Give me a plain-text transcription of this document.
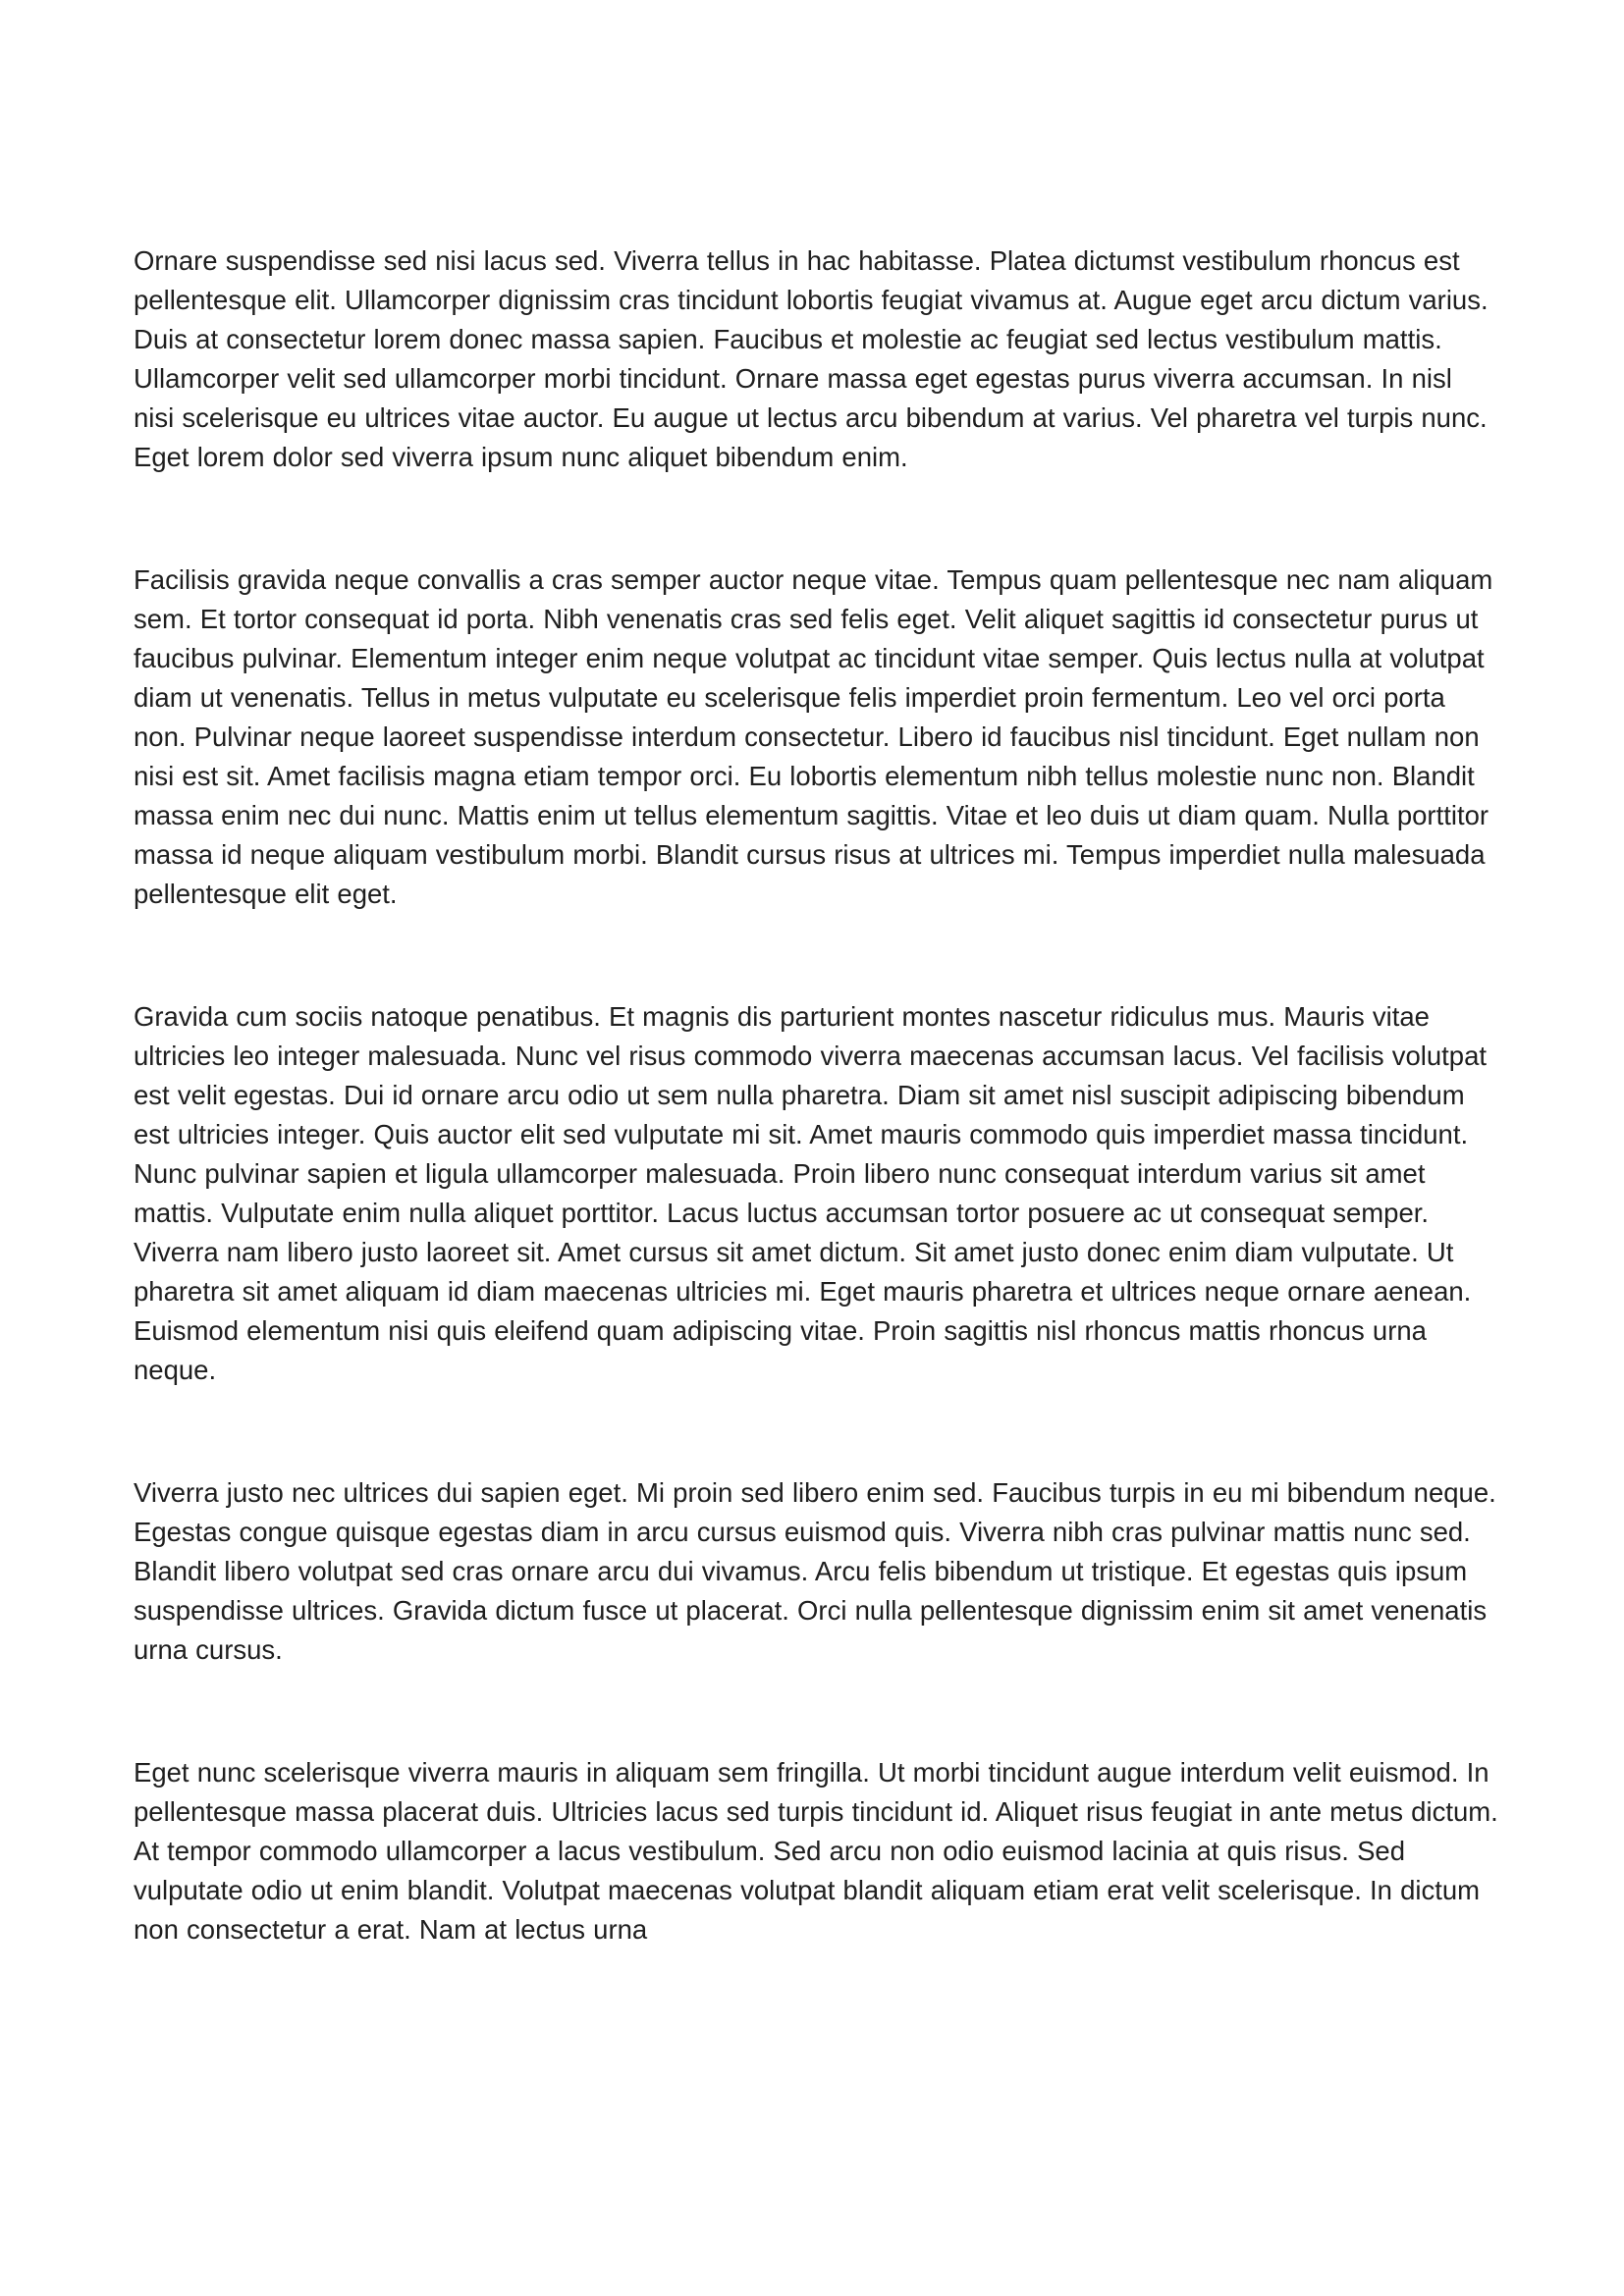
Ornare suspendisse sed nisi lacus sed. Viverra tellus in hac habitasse. Platea dictumst vestibulum rhoncus est pellentesque elit. Ullamcorper dignissim cras tincidunt lobortis feugiat vivamus at. Augue eget arcu dictum varius. Duis at consectetur lorem donec massa sapien. Faucibus et molestie ac feugiat sed lectus vestibulum mattis. Ullamcorper velit sed ullamcorper morbi tincidunt. Ornare massa eget egestas purus viverra accumsan. In nisl nisi scelerisque eu ultrices vitae auctor. Eu augue ut lectus arcu bibendum at varius. Vel pharetra vel turpis nunc. Eget lorem dolor sed viverra ipsum nunc aliquet bibendum enim.

Facilisis gravida neque convallis a cras semper auctor neque vitae. Tempus quam pellentesque nec nam aliquam sem. Et tortor consequat id porta. Nibh venenatis cras sed felis eget. Velit aliquet sagittis id consectetur purus ut faucibus pulvinar. Elementum integer enim neque volutpat ac tincidunt vitae semper. Quis lectus nulla at volutpat diam ut venenatis. Tellus in metus vulputate eu scelerisque felis imperdiet proin fermentum. Leo vel orci porta non. Pulvinar neque laoreet suspendisse interdum consectetur. Libero id faucibus nisl tincidunt. Eget nullam non nisi est sit. Amet facilisis magna etiam tempor orci. Eu lobortis elementum nibh tellus molestie nunc non. Blandit massa enim nec dui nunc. Mattis enim ut tellus elementum sagittis. Vitae et leo duis ut diam quam. Nulla porttitor massa id neque aliquam vestibulum morbi. Blandit cursus risus at ultrices mi. Tempus imperdiet nulla malesuada pellentesque elit eget.

Gravida cum sociis natoque penatibus. Et magnis dis parturient montes nascetur ridiculus mus. Mauris vitae ultricies leo integer malesuada. Nunc vel risus commodo viverra maecenas accumsan lacus. Vel facilisis volutpat est velit egestas. Dui id ornare arcu odio ut sem nulla pharetra. Diam sit amet nisl suscipit adipiscing bibendum est ultricies integer. Quis auctor elit sed vulputate mi sit. Amet mauris commodo quis imperdiet massa tincidunt. Nunc pulvinar sapien et ligula ullamcorper malesuada. Proin libero nunc consequat interdum varius sit amet mattis. Vulputate enim nulla aliquet porttitor. Lacus luctus accumsan tortor posuere ac ut consequat semper. Viverra nam libero justo laoreet sit. Amet cursus sit amet dictum. Sit amet justo donec enim diam vulputate. Ut pharetra sit amet aliquam id diam maecenas ultricies mi. Eget mauris pharetra et ultrices neque ornare aenean. Euismod elementum nisi quis eleifend quam adipiscing vitae. Proin sagittis nisl rhoncus mattis rhoncus urna neque.

Viverra justo nec ultrices dui sapien eget. Mi proin sed libero enim sed. Faucibus turpis in eu mi bibendum neque. Egestas congue quisque egestas diam in arcu cursus euismod quis. Viverra nibh cras pulvinar mattis nunc sed. Blandit libero volutpat sed cras ornare arcu dui vivamus. Arcu felis bibendum ut tristique. Et egestas quis ipsum suspendisse ultrices. Gravida dictum fusce ut placerat. Orci nulla pellentesque dignissim enim sit amet venenatis urna cursus.

Eget nunc scelerisque viverra mauris in aliquam sem fringilla. Ut morbi tincidunt augue interdum velit euismod. In pellentesque massa placerat duis. Ultricies lacus sed turpis tincidunt id. Aliquet risus feugiat in ante metus dictum. At tempor commodo ullamcorper a lacus vestibulum. Sed arcu non odio euismod lacinia at quis risus. Sed vulputate odio ut enim blandit. Volutpat maecenas volutpat blandit aliquam etiam erat velit scelerisque. In dictum non consectetur a erat. Nam at lectus urna
